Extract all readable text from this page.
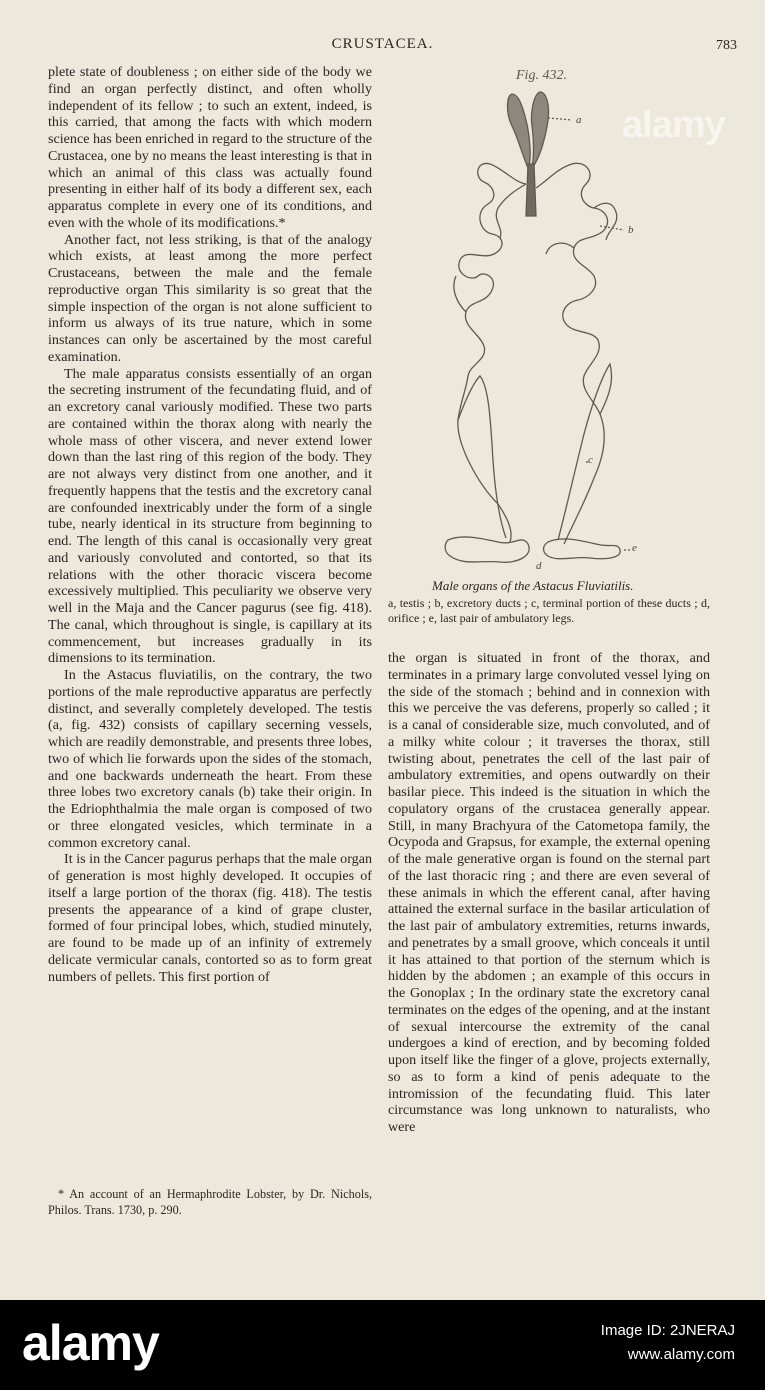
CRUSTACEA.	783

plete state of doubleness ; on either side of the body we find an organ perfectly distinct, and often wholly independent of its fellow ; to such an extent, indeed, is this carried, that among the facts with which modern science has been enriched in regard to the structure of the Crustacea, one by no means the least interesting is that in which an animal of this class was actually found presenting in either half of its body a different sex, each apparatus complete in every one of its conditions, and even with the whole of its modifications.*

Another fact, not less striking, is that of the analogy which exists, at least among the more perfect Crustaceans, between the male and the female reproductive organ This similarity is so great that the simple inspection of the organ is not alone sufficient to inform us always of its true nature, which in some instances can only be ascertained by the most careful examination.

The male apparatus consists essentially of an organ the secreting instrument of the fecundating fluid, and of an excretory canal variously modified. These two parts are contained within the thorax along with nearly the whole mass of other viscera, and never extend lower down than the last ring of this region of the body. They are not always very distinct from one another, and it frequently happens that the testis and the excretory canal are confounded inextricably under the form of a single tube, nearly identical in its structure from beginning to end. The length of this canal is occasionally very great and variously convoluted and contorted, so that its relations with the other thoracic viscera become excessively multiplied. This peculiarity we observe very well in the Maja and the Cancer pagurus (see fig. 418). The canal, which throughout is single, is capillary at its commencement, but increases gradually in its dimensions to its termination.

In the Astacus fluviatilis, on the contrary, the two portions of the male reproductive apparatus are perfectly distinct, and severally completely developed. The testis (a, fig. 432) consists of capillary secerning vessels, which are readily demonstrable, and presents three lobes, two of which lie forwards upon the sides of the stomach, and one backwards underneath the heart. From these three lobes two excretory canals (b) take their origin. In the Edriophthalmia the male organ is composed of two or three elongated vesicles, which terminate in a common excretory canal.

It is in the Cancer pagurus perhaps that the male organ of generation is most highly developed. It occupies of itself a large portion of the thorax (fig. 418). The testis presents the appearance of a kind of grape cluster, formed of four principal lobes, which, studied minutely, are found to be made up of an infinity of extremely delicate vermicular canals, contorted so as to form great numbers of pellets. This first portion of

* An account of an Hermaphrodite Lobster, by Dr. Nichols, Philos. Trans. 1730, p. 290.

Fig. 432.
a
b
c
d
e
Male organs of the Astacus Fluviatilis.

a, testis ; b, excretory ducts ; c, terminal portion of these ducts ; d, orifice ; e, last pair of ambulatory legs.

the organ is situated in front of the thorax, and terminates in a primary large convoluted vessel lying on the side of the stomach ; behind and in connexion with this we perceive the vas deferens, properly so called ; it is a canal of considerable size, much convoluted, and of a milky white colour ; it traverses the thorax, still twisting about, penetrates the cell of the last pair of ambulatory extremities, and opens outwardly on their basilar piece. This indeed is the situation in which the copulatory organs of the crustacea generally appear. Still, in many Brachyura of the Catometopa family, the Ocypoda and Grapsus, for example, the external opening of the male generative organ is found on the sternal part of the last thoracic ring ; and there are even several of these animals in which the efferent canal, after having attained the external surface in the basilar articulation of the last pair of ambulatory extremities, returns inwards, and penetrates by a small groove, which conceals it until it has attained to that portion of the sternum which is hidden by the abdomen ; an example of this occurs in the Gonoplax ; In the ordinary state the excretory canal terminates on the edges of the opening, and at the instant of sexual intercourse the extremity of the canal undergoes a kind of erection, and by becoming folded upon itself like the finger of a glove, projects externally, so as to form a kind of penis adequate to the intromission of the fecundating fluid. This later circumstance was long unknown to naturalists, who were

alamy
alamy	Image ID: 2JNERAJ
www.alamy.com
